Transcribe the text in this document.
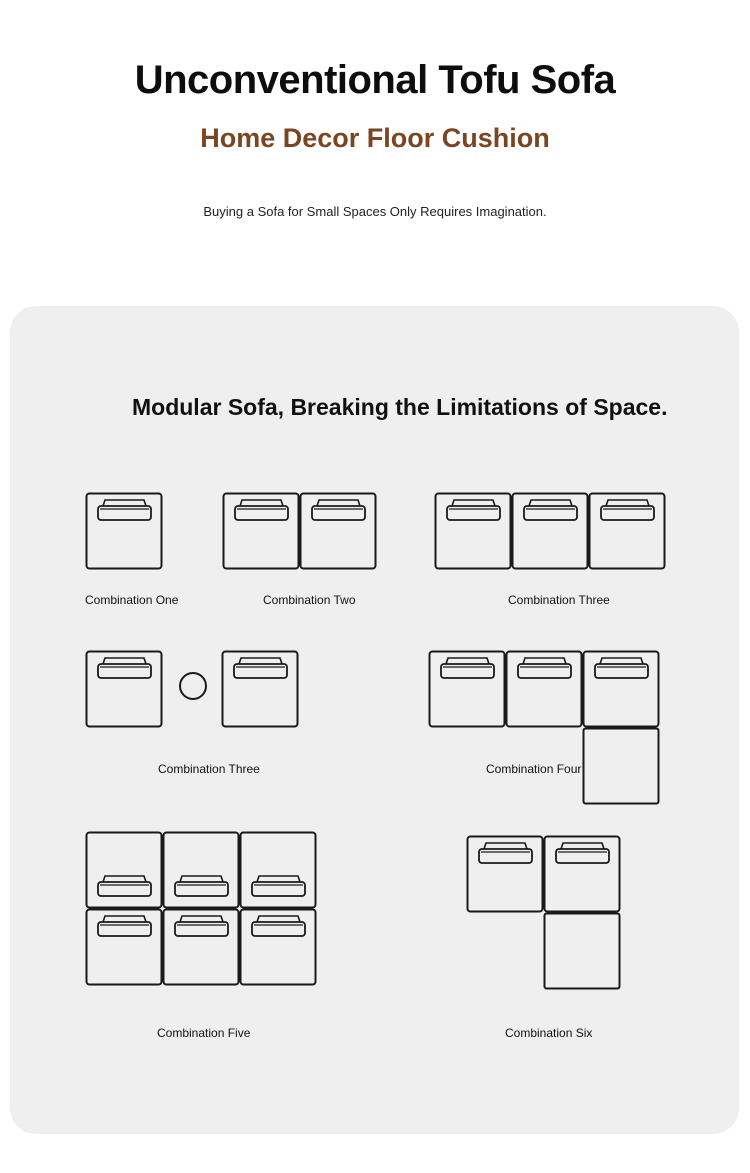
Unconventional Tofu Sofa
Home Decor Floor Cushion
Buying a Sofa for Small Spaces Only Requires Imagination.
Modular Sofa, Breaking the Limitations of Space.
Combination One	Combination Two	Combination Three
Combination Three	Combination Four
Combination Five	Combination Six
